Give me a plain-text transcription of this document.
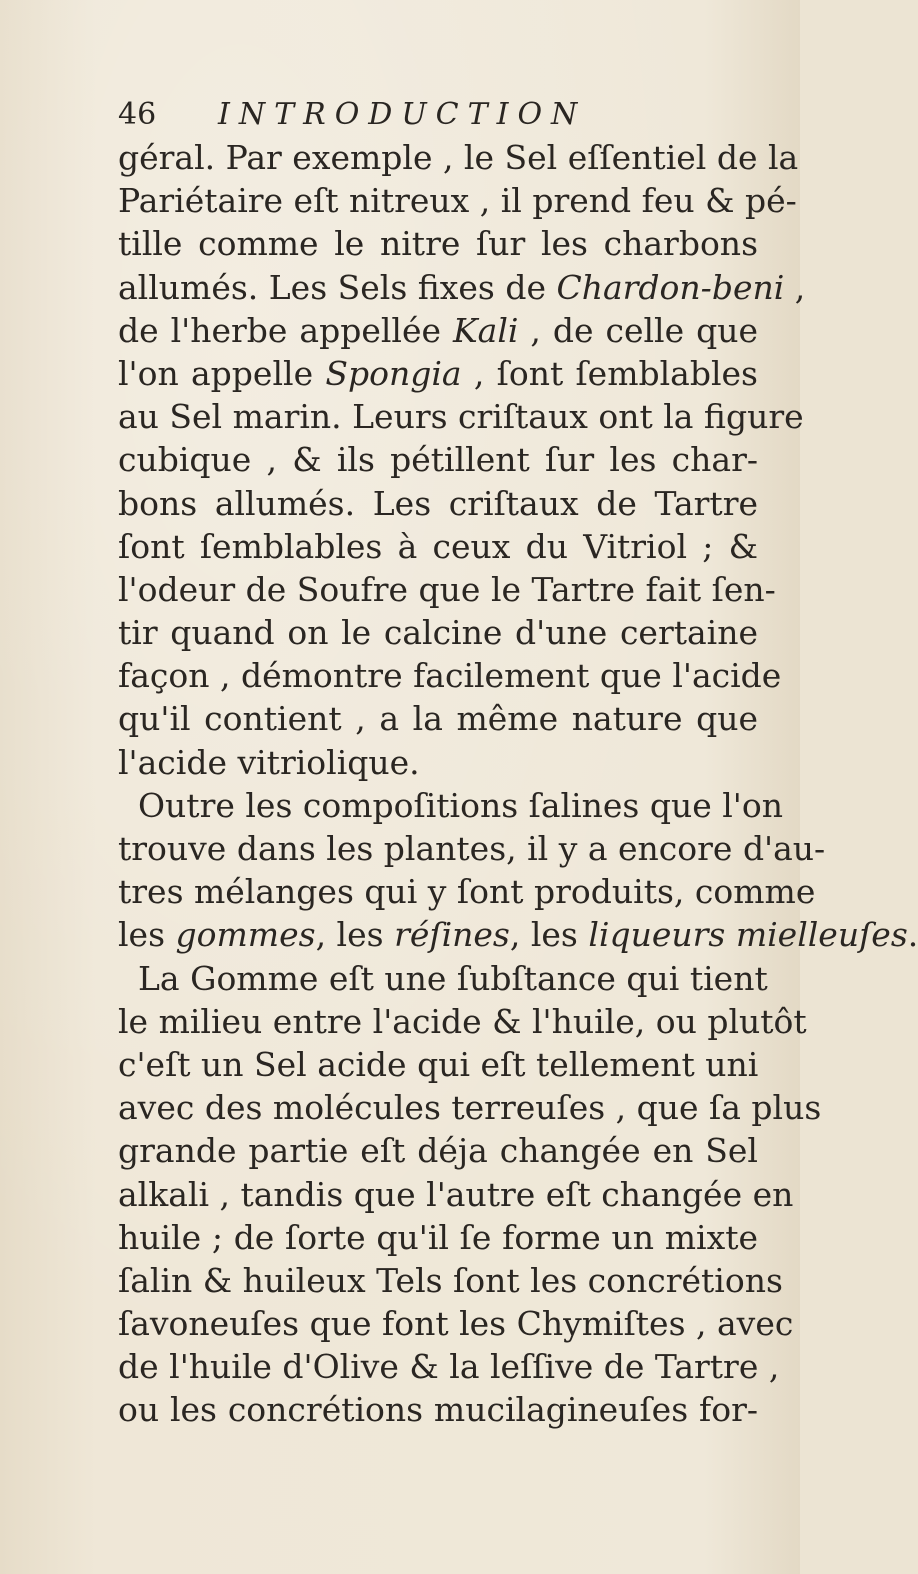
46 INTRODUCTION
géral. Par exemple , le Sel eſſentiel de la
Pariétaire eſt nitreux , il prend feu & pé-
tille comme le nitre ſur les charbons
allumés. Les Sels fixes de Chardon-beni ,
de l'herbe appellée Kali , de celle que
l'on appelle Spongia , ſont ſemblables
au Sel marin. Leurs criſtaux ont la figure
cubique , & ils pétillent ſur les char-
bons allumés. Les criſtaux de Tartre
ſont ſemblables à ceux du Vitriol ; &
l'odeur de Soufre que le Tartre fait ſen-
tir quand on le calcine d'une certaine
façon , démontre facilement que l'acide
qu'il contient , a la même nature que
l'acide vitriolique.
Outre les compoſitions ſalines que l'on
trouve dans les plantes, il y a encore d'au-
tres mélanges qui y ſont produits, comme
les gommes, les réſines, les liqueurs mielleuſes.
La Gomme eſt une ſubſtance qui tient
le milieu entre l'acide & l'huile, ou plutôt
c'eſt un Sel acide qui eſt tellement uni
avec des molécules terreuſes , que ſa plus
grande partie eſt déja changée en Sel
alkali , tandis que l'autre eſt changée en
huile ; de ſorte qu'il ſe forme un mixte
ſalin & huileux Tels ſont les concrétions
ſavoneuſes que font les Chymiſtes , avec
de l'huile d'Olive & la leſſive de Tartre ,
ou les concrétions mucilagineuſes for-
